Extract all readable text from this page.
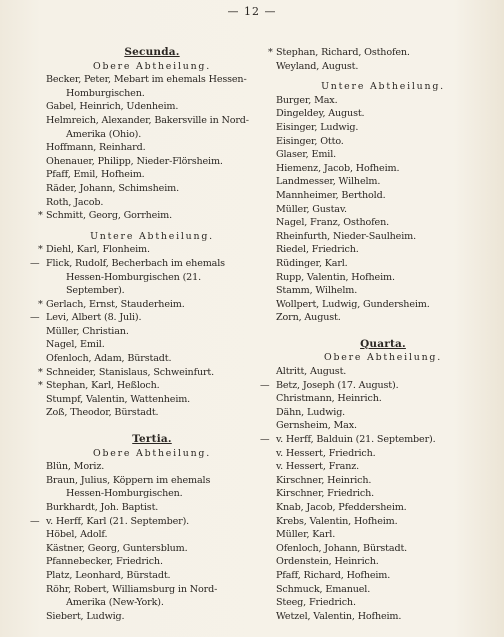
— 12 —
Secunda.
Obere Abtheilung.
Becker, Peter, Mebart im ehemals Hessen-
Homburgischen.
Gabel, Heinrich, Udenheim.
Helmreich, Alexander, Bakersville in Nord-
Amerika (Ohio).
Hoffmann, Reinhard.
Ohenauer, Philipp, Nieder-Flörsheim.
Pfaff, Emil, Hofheim.
Räder, Johann, Schimsheim.
Roth, Jacob.
* Schmitt, Georg, Gorrheim.
Untere Abtheilung.
* Diehl, Karl, Flonheim.
— Flick, Rudolf, Becherbach im ehemals
Hessen-Homburgischen (21.
September).
* Gerlach, Ernst, Stauderheim.
— Levi, Albert (8. Juli).
Müller, Christian.
Nagel, Emil.
Ofenloch, Adam, Bürstadt.
* Schneider, Stanislaus, Schweinfurt.
* Stephan, Karl, Heßloch.
Stumpf, Valentin, Wattenheim.
Zoß, Theodor, Bürstadt.
Tertia.
Obere Abtheilung.
Blün, Moriz.
Braun, Julius, Köppern im ehemals
Hessen-Homburgischen.
Burkhardt, Joh. Baptist.
— v. Herff, Karl (21. September).
Höbel, Adolf.
Kästner, Georg, Guntersblum.
Pfannebecker, Friedrich.
Platz, Leonhard, Bürstadt.
Röhr, Robert, Williamsburg in Nord-
Amerika (New-York).
Siebert, Ludwig.
* Stephan, Richard, Osthofen.
Weyland, August.
Untere Abtheilung.
Burger, Max.
Dingeldey, August.
Eisinger, Ludwig.
Eisinger, Otto.
Glaser, Emil.
Hiemenz, Jacob, Hofheim.
Landmesser, Wilhelm.
Mannheimer, Berthold.
Müller, Gustav.
Nagel, Franz, Osthofen.
Rheinfurth, Nieder-Saulheim.
Riedel, Friedrich.
Rüdinger, Karl.
Rupp, Valentin, Hofheim.
Stamm, Wilhelm.
Wollpert, Ludwig, Gundersheim.
Zorn, August.
Quarta.
Obere Abtheilung.
Altritt, August.
— Betz, Joseph (17. August).
Christmann, Heinrich.
Dähn, Ludwig.
Gernsheim, Max.
— v. Herff, Balduin (21. September).
v. Hessert, Friedrich.
v. Hessert, Franz.
Kirschner, Heinrich.
Kirschner, Friedrich.
Knab, Jacob, Pfeddersheim.
Krebs, Valentin, Hofheim.
Müller, Karl.
Ofenloch, Johann, Bürstadt.
Ordenstein, Heinrich.
Pfaff, Richard, Hofheim.
Schmuck, Emanuel.
Steeg, Friedrich.
Wetzel, Valentin, Hofheim.
